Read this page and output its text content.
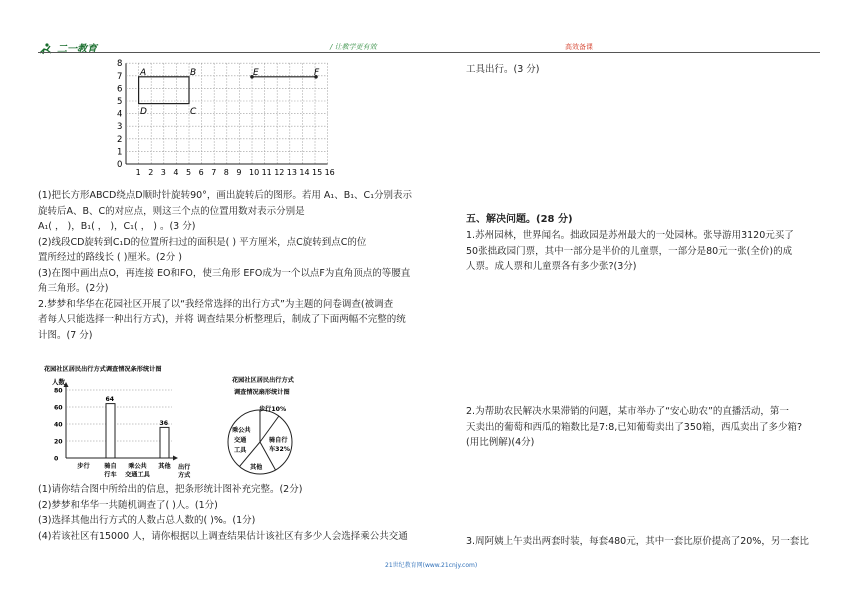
二一教育	/ 让教学更有效	高效备课
8
7
6
5
4
3
2
1
0
1 2 3 4 5 6 7 8 9 10 11 12 13 14 15 16
A	B
C
D
E	F
(1)把长方形ABCD绕点D顺时针旋转90°，画出旋转后的图形。若用 A₁、B₁、C₁分别表示
旋转后A、B、C的对应点，则这三个点的位置用数对表示分别是
A₁( ， )，B₁( ， )，C₁( ， ) 。(3 分)
(2)线段CD旋转到C₁D的位置所扫过的面积是( ) 平方厘米，点C旋转到点C的位
置所经过的路线长 ( )厘米。(2分 )
(3)在图中画出点O，再连接 EO和FO，使三角形 EFO成为一个以点F为直角顶点的等腰直
角三角形。(2分)
2.梦梦和华华在花园社区开展了以“我经常选择的出行方式”为主题的问卷调查(被调查
者每人只能选择一种出行方式)，并将 调查结果分析整理后，制成了下面两幅不完整的统
计图。(7 分)
花园社区居民出行方式调查情况条形统计图
人数
80
60
40
20
0
64
36
步行 骑自
行车
乘公共
交通工具
其他 出行
方式
花园社区居民出行方式
调查情况扇形统计图
步行10%
骑自行
车32%
其他
乘公共
交通
工具
(1)请你结合图中所给出的信息，把条形统计图补充完整。(2分)
(2)梦梦和华华一共随机调查了( )人。(1分)
(3)选择其他出行方式的人数占总人数的( )%。(1分)
(4)若该社区有15000 人，请你根据以上调查结果估计该社区有多少人会选择乘公共交通
工具出行。(3 分)
五、解决问题。(28 分)
1.苏州园林，世界闻名。拙政园是苏州最大的一处园林。张导游用3120元买了
50张拙政园门票，其中一部分是半价的儿童票，一部分是80元一张(全价)的成
人票。成人票和儿童票各有多少张?(3分)
2.为帮助农民解决水果滞销的问题，某市举办了“安心助农”的直播活动，第一
天卖出的葡萄和西瓜的箱数比是7:8,已知葡萄卖出了350箱，西瓜卖出了多少箱?
(用比例解)(4分)
3.周阿姨上午卖出两套时装，每套480元，其中一套比原价提高了20%，另一套比
21世纪教育网(www.21cnjy.com)
